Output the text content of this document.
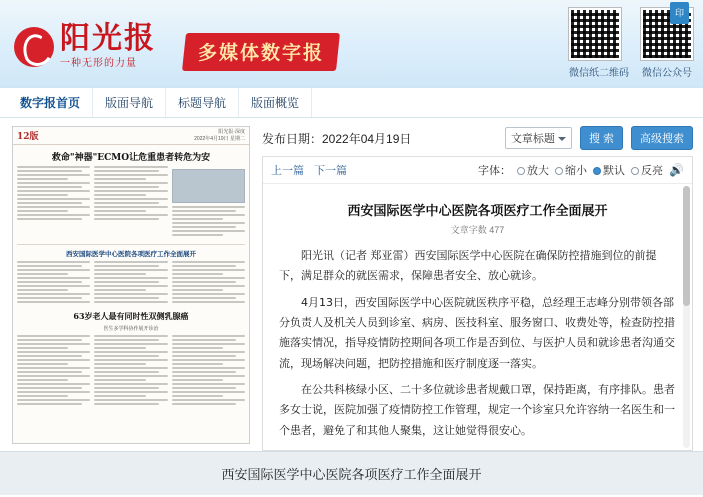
阳光报
一种无形的力量	多媒体数字报
微信纸二维码 微信公众号
印
数字报首页	版面导航	标题导航	版面概览
12版	阳光报·深度
2022年4月19日 星期二
救命"神器"ECMO让危重患者转危为安
西安国际医学中心医院各项医疗工作全面展开
63岁老人最有同时性双侧乳腺癌
医生多学科协作展开诊治
发布日期：2022年04月19日	文章标题	搜 索	高级搜索
上一篇 下一篇	字体：	放大	缩小	默认	反亮 🔊
西安国际医学中心医院各项医疗工作全面展开
文章字数 477

阳光讯（记者 郑亚雷）西安国际医学中心医院在确保防控措施到位的前提下，满足群众的就医需求，保障患者安全、放心就诊。

4月13日，西安国际医学中心医院就医秩序平稳，总经理王志峰分别带领各部分负责人及机关人员到诊室、病房、医技科室、服务窗口、收费处等，检查防控措施落实情况，指导疫情防控期间各项工作是否到位、与医护人员和就诊患者沟通交流，现场解决问题，把防控措施和医疗制度逐一落实。

在公共科核绿小区、二十多位就诊患者规戴口罩，保持距离，有序排队。患者多女士说，医院加强了疫情防控工作管理，规定一个诊室只允许容纳一名医生和一个患者，避免了和其他人聚集，这让她觉得很安心。

西安国际医学中心医院各项医疗工作全面展开
